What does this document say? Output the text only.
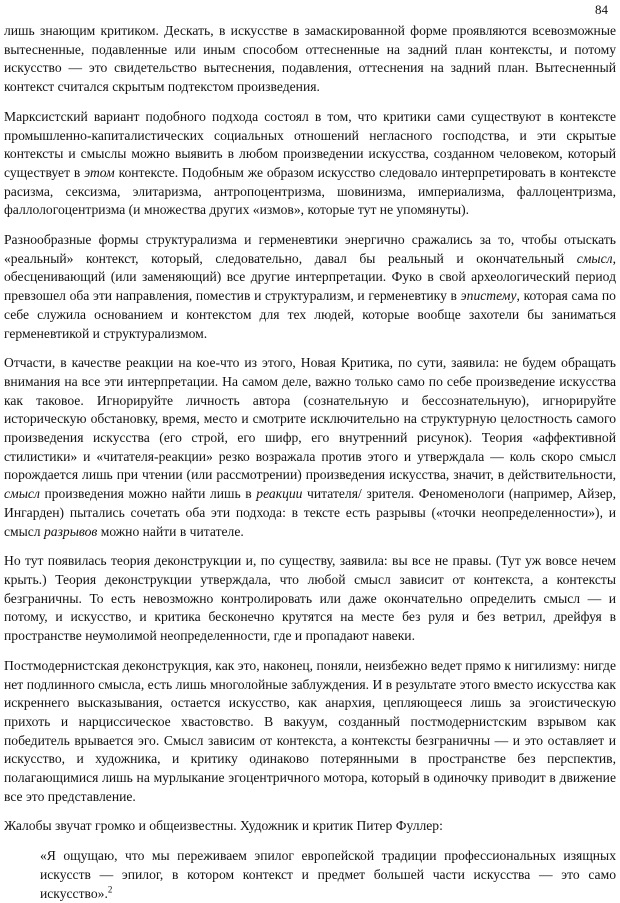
84

лишь знающим критиком. Дескать, в искусстве в замаскированной форме проявляются всевозможные вытесненные, подавленные или иным способом оттесненные на задний план контексты, и потому искусство — это свидетельство вытеснения, подавления, оттеснения на задний план. Вытесненный контекст считался скрытым подтекстом произведения.

Марксистский вариант подобного подхода состоял в том, что критики сами существуют в контексте промышленно-капиталистических социальных отношений негласного господства, и эти скрытые контексты и смыслы можно выявить в любом произведении искусства, созданном человеком, который существует в этом контексте. Подобным же образом искусство следовало интерпретировать в контексте расизма, сексизма, элитаризма, антропоцентризма, шовинизма, империализма, фаллоцентризма, фаллологоцентризма (и множества других «измов», которые тут не упомянуты).

Разнообразные формы структурализма и герменевтики энергично сражались за то, чтобы отыскать «реальный» контекст, который, следовательно, давал бы реальный и окончательный смысл, обесценивающий (или заменяющий) все другие интерпретации. Фуко в свой археологический период превзошел оба эти направления, поместив и структурализм, и герменевтику в эпистему, которая сама по себе служила основанием и контекстом для тех людей, которые вообще захотели бы заниматься герменевтикой и структурализмом.

Отчасти, в качестве реакции на кое-что из этого, Новая Критика, по сути, заявила: не будем обращать внимания на все эти интерпретации. На самом деле, важно только само по себе произведение искусства как таковое. Игнорируйте личность автора (сознательную и бессознательную), игнорируйте историческую обстановку, время, место и смотрите исключительно на структурную целостность самого произведения искусства (его строй, его шифр, его внутренний рисунок). Теория «аффективной стилистики» и «читателя-реакции» резко возражала против этого и утверждала — коль скоро смысл порождается лишь при чтении (или рассмотрении) произведения искусства, значит, в действительности, смысл произведения можно найти лишь в реакции читателя/ зрителя. Феноменологи (например, Айзер, Ингарден) пытались сочетать оба эти подхода: в тексте есть разрывы («точки неопределенности»), и смысл разрывов можно найти в читателе.

Но тут появилась теория деконструкции и, по существу, заявила: вы все не правы. (Тут уж вовсе нечем крыть.) Теория деконструкции утверждала, что любой смысл зависит от контекста, а контексты безграничны. То есть невозможно контролировать или даже окончательно определить смысл — и потому, и искусство, и критика бесконечно крутятся на месте без руля и без ветрил, дрейфуя в пространстве неумолимой неопределенности, где и пропадают навеки.

Постмодернистская деконструкция, как это, наконец, поняли, неизбежно ведет прямо к нигилизму: нигде нет подлинного смысла, есть лишь многолойные заблуждения. И в результате этого вместо искусства как искреннего высказывания, остается искусство, как анархия, цепляющееся лишь за эгоистическую прихоть и нарциссическое хвастовство. В вакуум, созданный постмодернистским взрывом как победитель врывается эго. Смысл зависим от контекста, а контексты безграничны — и это оставляет и искусство, и художника, и критику одинаково потерянными в пространстве без перспектив, полагающимися лишь на мурлыкание эгоцентричного мотора, который в одиночку приводит в движение все это представление.

Жалобы звучат громко и общеизвестны. Художник и критик Питер Фуллер:

«Я ощущаю, что мы переживаем эпилог европейской традиции профессиональных изящных искусств — эпилог, в котором контекст и предмет большей части искусства — это само искусство».$^2$
